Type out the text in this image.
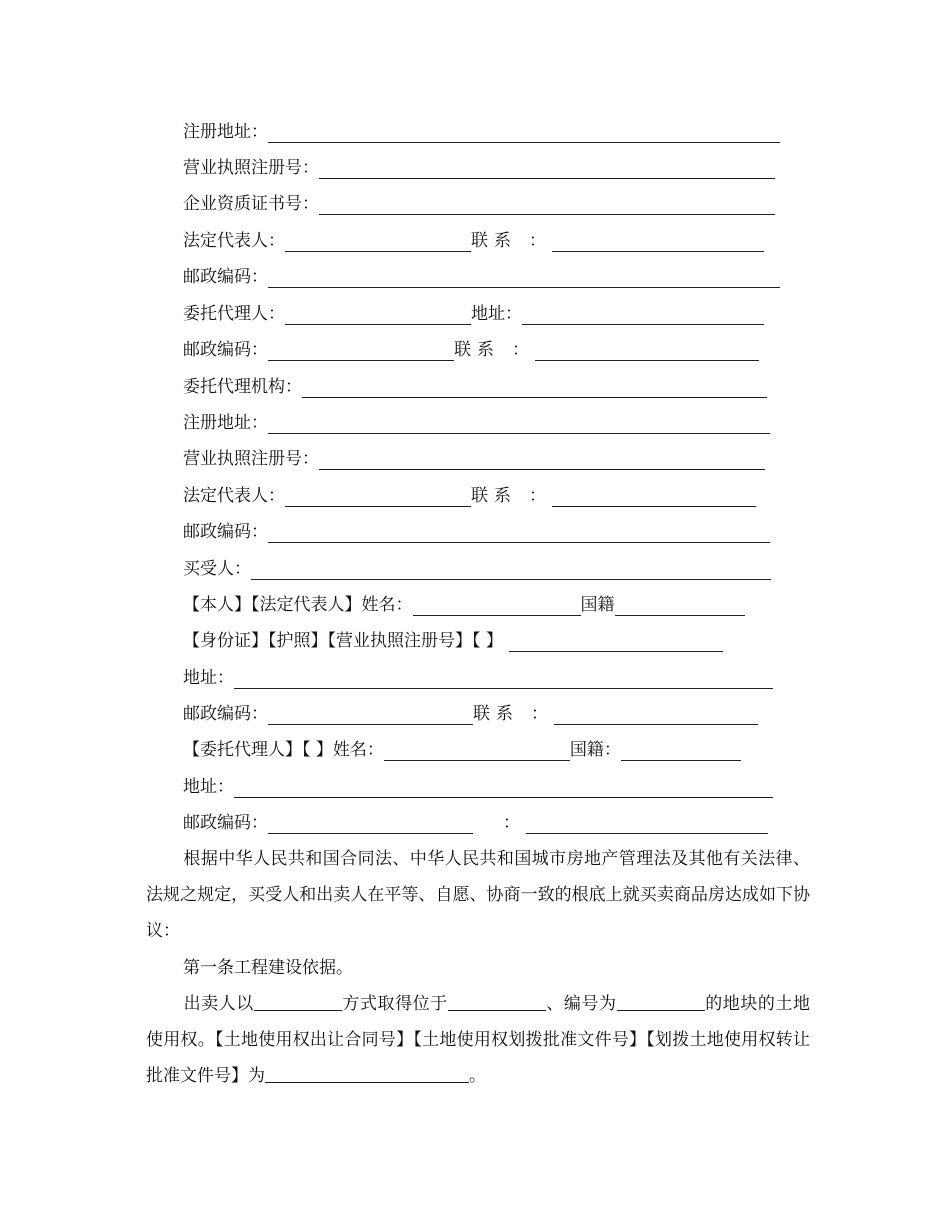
注册地址：
营业执照注册号：
企业资质证书号：
法定代表人：	联系 ：
邮政编码：
委托代理人：	地址：
邮政编码：	联系 ：
委托代理机构：
注册地址：
营业执照注册号：
法定代表人：	联系 ：
邮政编码：
买受人：
【本人】【法定代表人】姓名：	国籍
【身份证】【护照】【营业执照注册号】【 】
地址：
邮政编码：	联系 ：
【委托代理人】【 】姓名：	国籍：
地址：
邮政编码：	：
根据中华人民共和国合同法、中华人民共和国城市房地产管理法及其他有关法律、法规之规定，买受人和出卖人在平等、自愿、协商一致的根底上就买卖商品房达成如下协议：
第一条工程建设依据。
出卖人以	方式取得位于	、编号为	的地块的土地使用权。【土地使用权出让合同号】【土地使用权划拨批准文件号】【划拨土地使用权转让批准文件号】为	。
